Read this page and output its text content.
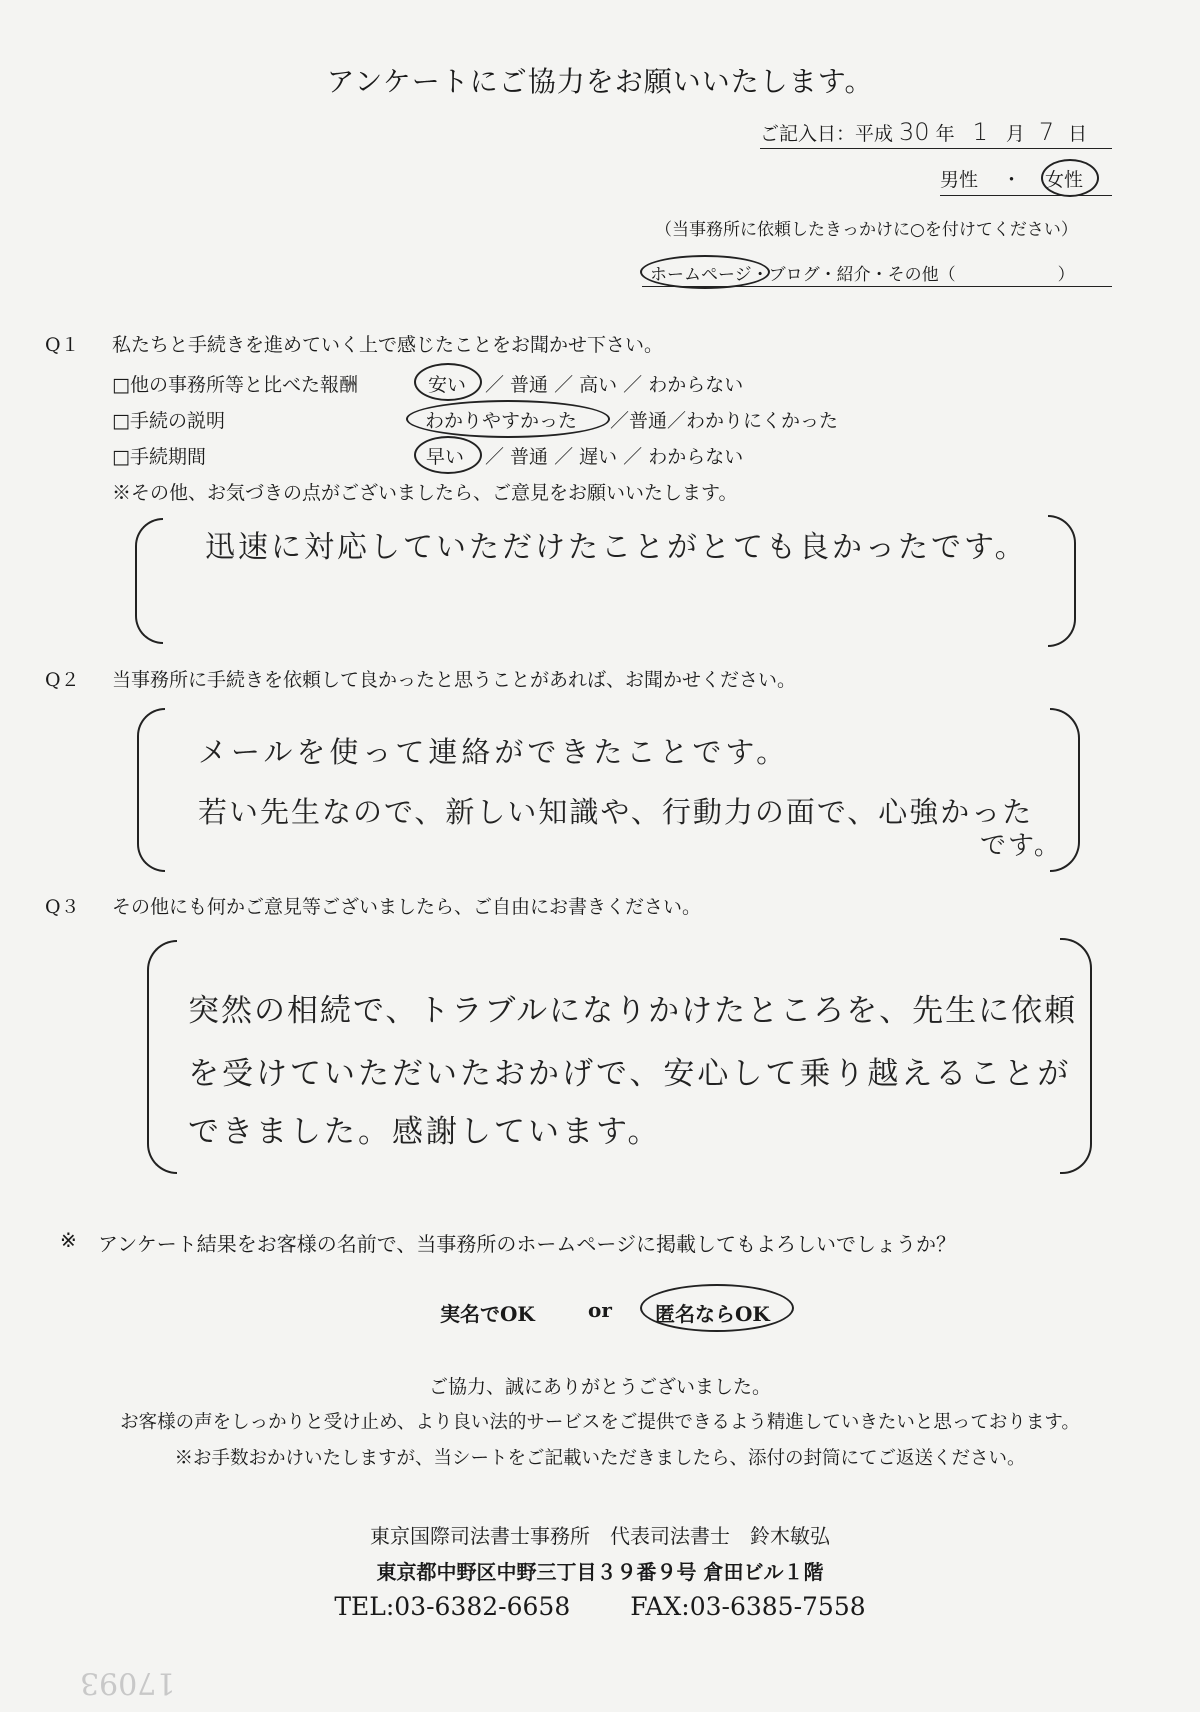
アンケートにご協力をお願いいたします。
ご記入日：平成 30 年 1 月 7 日
男性 ・ 女性
（当事務所に依頼したきっかけに○を付けてください）
ホームページ・ブログ・紹介・その他（　　　　　　）
Q１ 私たちと手続きを進めていく上で感じたことをお聞かせ下さい。
□他の事務所等と比べた報酬	安い ／ 普通 ／ 高い ／ わからない
□手続の説明	わかりやすかった ／普通／わかりにくかった
□手続期間	早い ／ 普通 ／ 遅い ／ わからない
※その他、お気づきの点がございましたら、ご意見をお願いいたします。
迅速に対応していただけたことがとても良かったです。
Q２ 当事務所に手続きを依頼して良かったと思うことがあれば、お聞かせください。
メールを使って連絡ができたことです。
若い先生なので、新しい知識や、行動力の面で、心強かった
です。
Q３ その他にも何かご意見等ございましたら、ご自由にお書きください。
突然の相続で、トラブルになりかけたところを、先生に依頼
を受けていただいたおかげで、安心して乗り越えることが
できました。感謝しています。
※ アンケート結果をお客様の名前で、当事務所のホームページに掲載してもよろしいでしょうか？
実名でOK	or 匿名ならOK
ご協力、誠にありがとうございました。
お客様の声をしっかりと受け止め、より良い法的サービスをご提供できるよう精進していきたいと思っております。
※お手数おかけいたしますが、当シートをご記載いただきましたら、添付の封筒にてご返送ください。
東京国際司法書士事務所　代表司法書士　鈴木敏弘
東京都中野区中野三丁目３９番９号 倉田ビル１階
TEL:03-6382-6658 FAX:03-6385-7558
17093
